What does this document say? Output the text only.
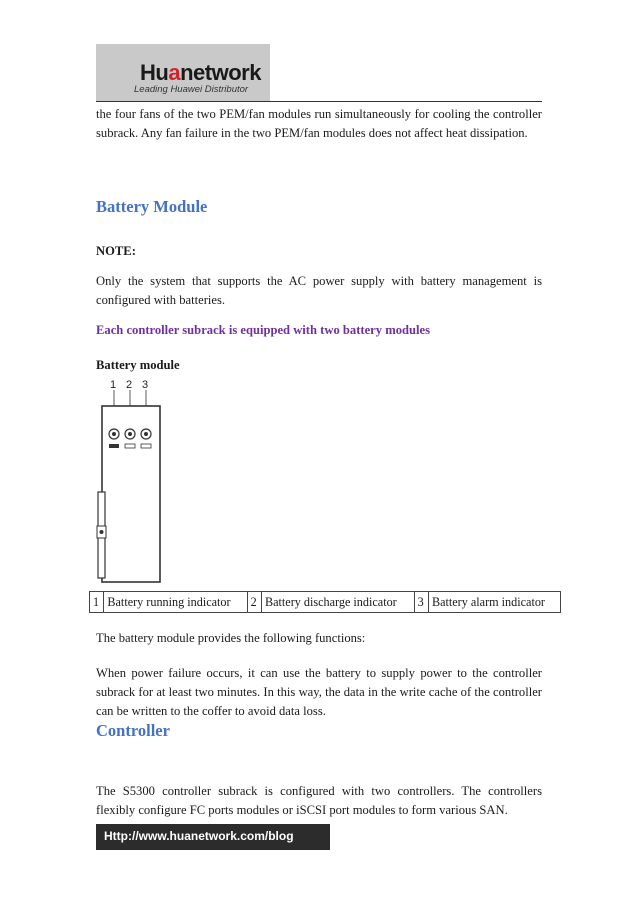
Huanetwork
Leading Huawei Distributor
the four fans of the two PEM/fan modules run simultaneously for cooling the controller subrack. Any fan failure in the two PEM/fan modules does not affect heat dissipation.
Battery Module
NOTE:
Only the system that supports the AC power supply with battery management is configured with batteries.
Each controller subrack is equipped with two battery modules
Battery module
1 2 3
1	Battery running indicator	2	Battery discharge indicator	3	Battery alarm indicator
The battery module provides the following functions:
When power failure occurs, it can use the battery to supply power to the controller subrack for at least two minutes. In this way, the data in the write cache of the controller can be written to the coffer to avoid data loss.
Controller
The S5300 controller subrack is configured with two controllers. The controllers flexibly configure FC ports modules or iSCSI port modules to form various SAN.
Http://www.huanetwork.com/blog
